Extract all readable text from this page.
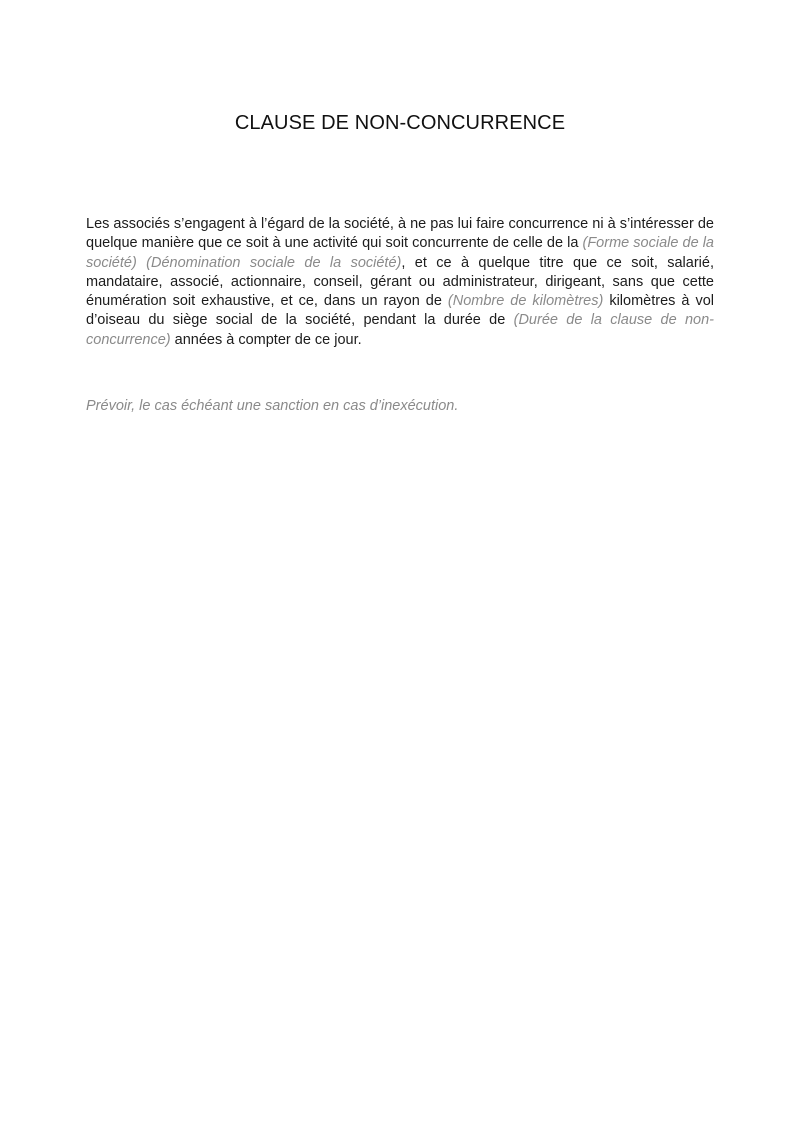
CLAUSE DE NON-CONCURRENCE

Les associés s’engagent à l’égard de la société, à ne pas lui faire concurrence ni à s’intéresser de quelque manière que ce soit à une activité qui soit concurrente de celle de la (Forme sociale de la société) (Dénomination sociale de la société), et ce à quelque titre que ce soit, salarié, mandataire, associé, actionnaire, conseil, gérant ou administrateur, dirigeant, sans que cette énumération soit exhaustive, et ce, dans un rayon de (Nombre de kilomètres) kilomètres à vol d’oiseau du siège social de la société, pendant la durée de (Durée de la clause de non-concurrence) années à compter de ce jour.

Prévoir, le cas échéant une sanction en cas d’inexécution.
